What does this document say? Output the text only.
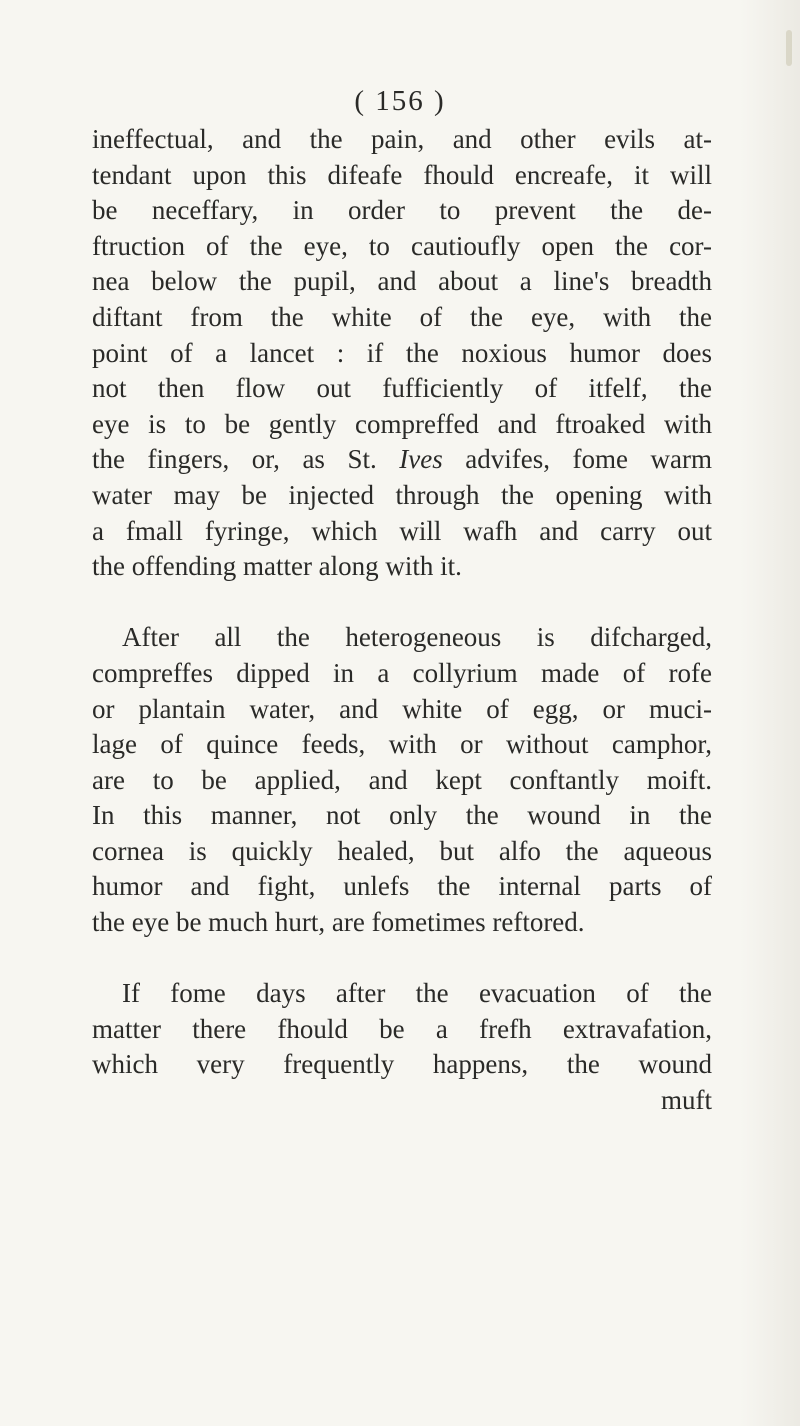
( 156 )
ineffectual, and the pain, and other evils at-
tendant upon this difeafe fhould encreafe, it will
be neceffary, in order to prevent the de-
ftruction of the eye, to cautioufly open the cor-
nea below the pupil, and about a line's breadth
diftant from the white of the eye, with the
point of a lancet : if the noxious humor does
not then flow out fufficiently of itfelf, the
eye is to be gently compreffed and ftroaked with
the fingers, or, as St. Ives advifes, fome warm
water may be injected through the opening with
a fmall fyringe, which will wafh and carry out
the offending matter along with it.
After all the heterogeneous is difcharged,
compreffes dipped in a collyrium made of rofe
or plantain water, and white of egg, or muci-
lage of quince feeds, with or without camphor,
are to be applied, and kept conftantly moift.
In this manner, not only the wound in the
cornea is quickly healed, but alfo the aqueous
humor and fight, unlefs the internal parts of
the eye be much hurt, are fometimes reftored.
If fome days after the evacuation of the
matter there fhould be a frefh extravafation,
which very frequently happens, the wound
muft
